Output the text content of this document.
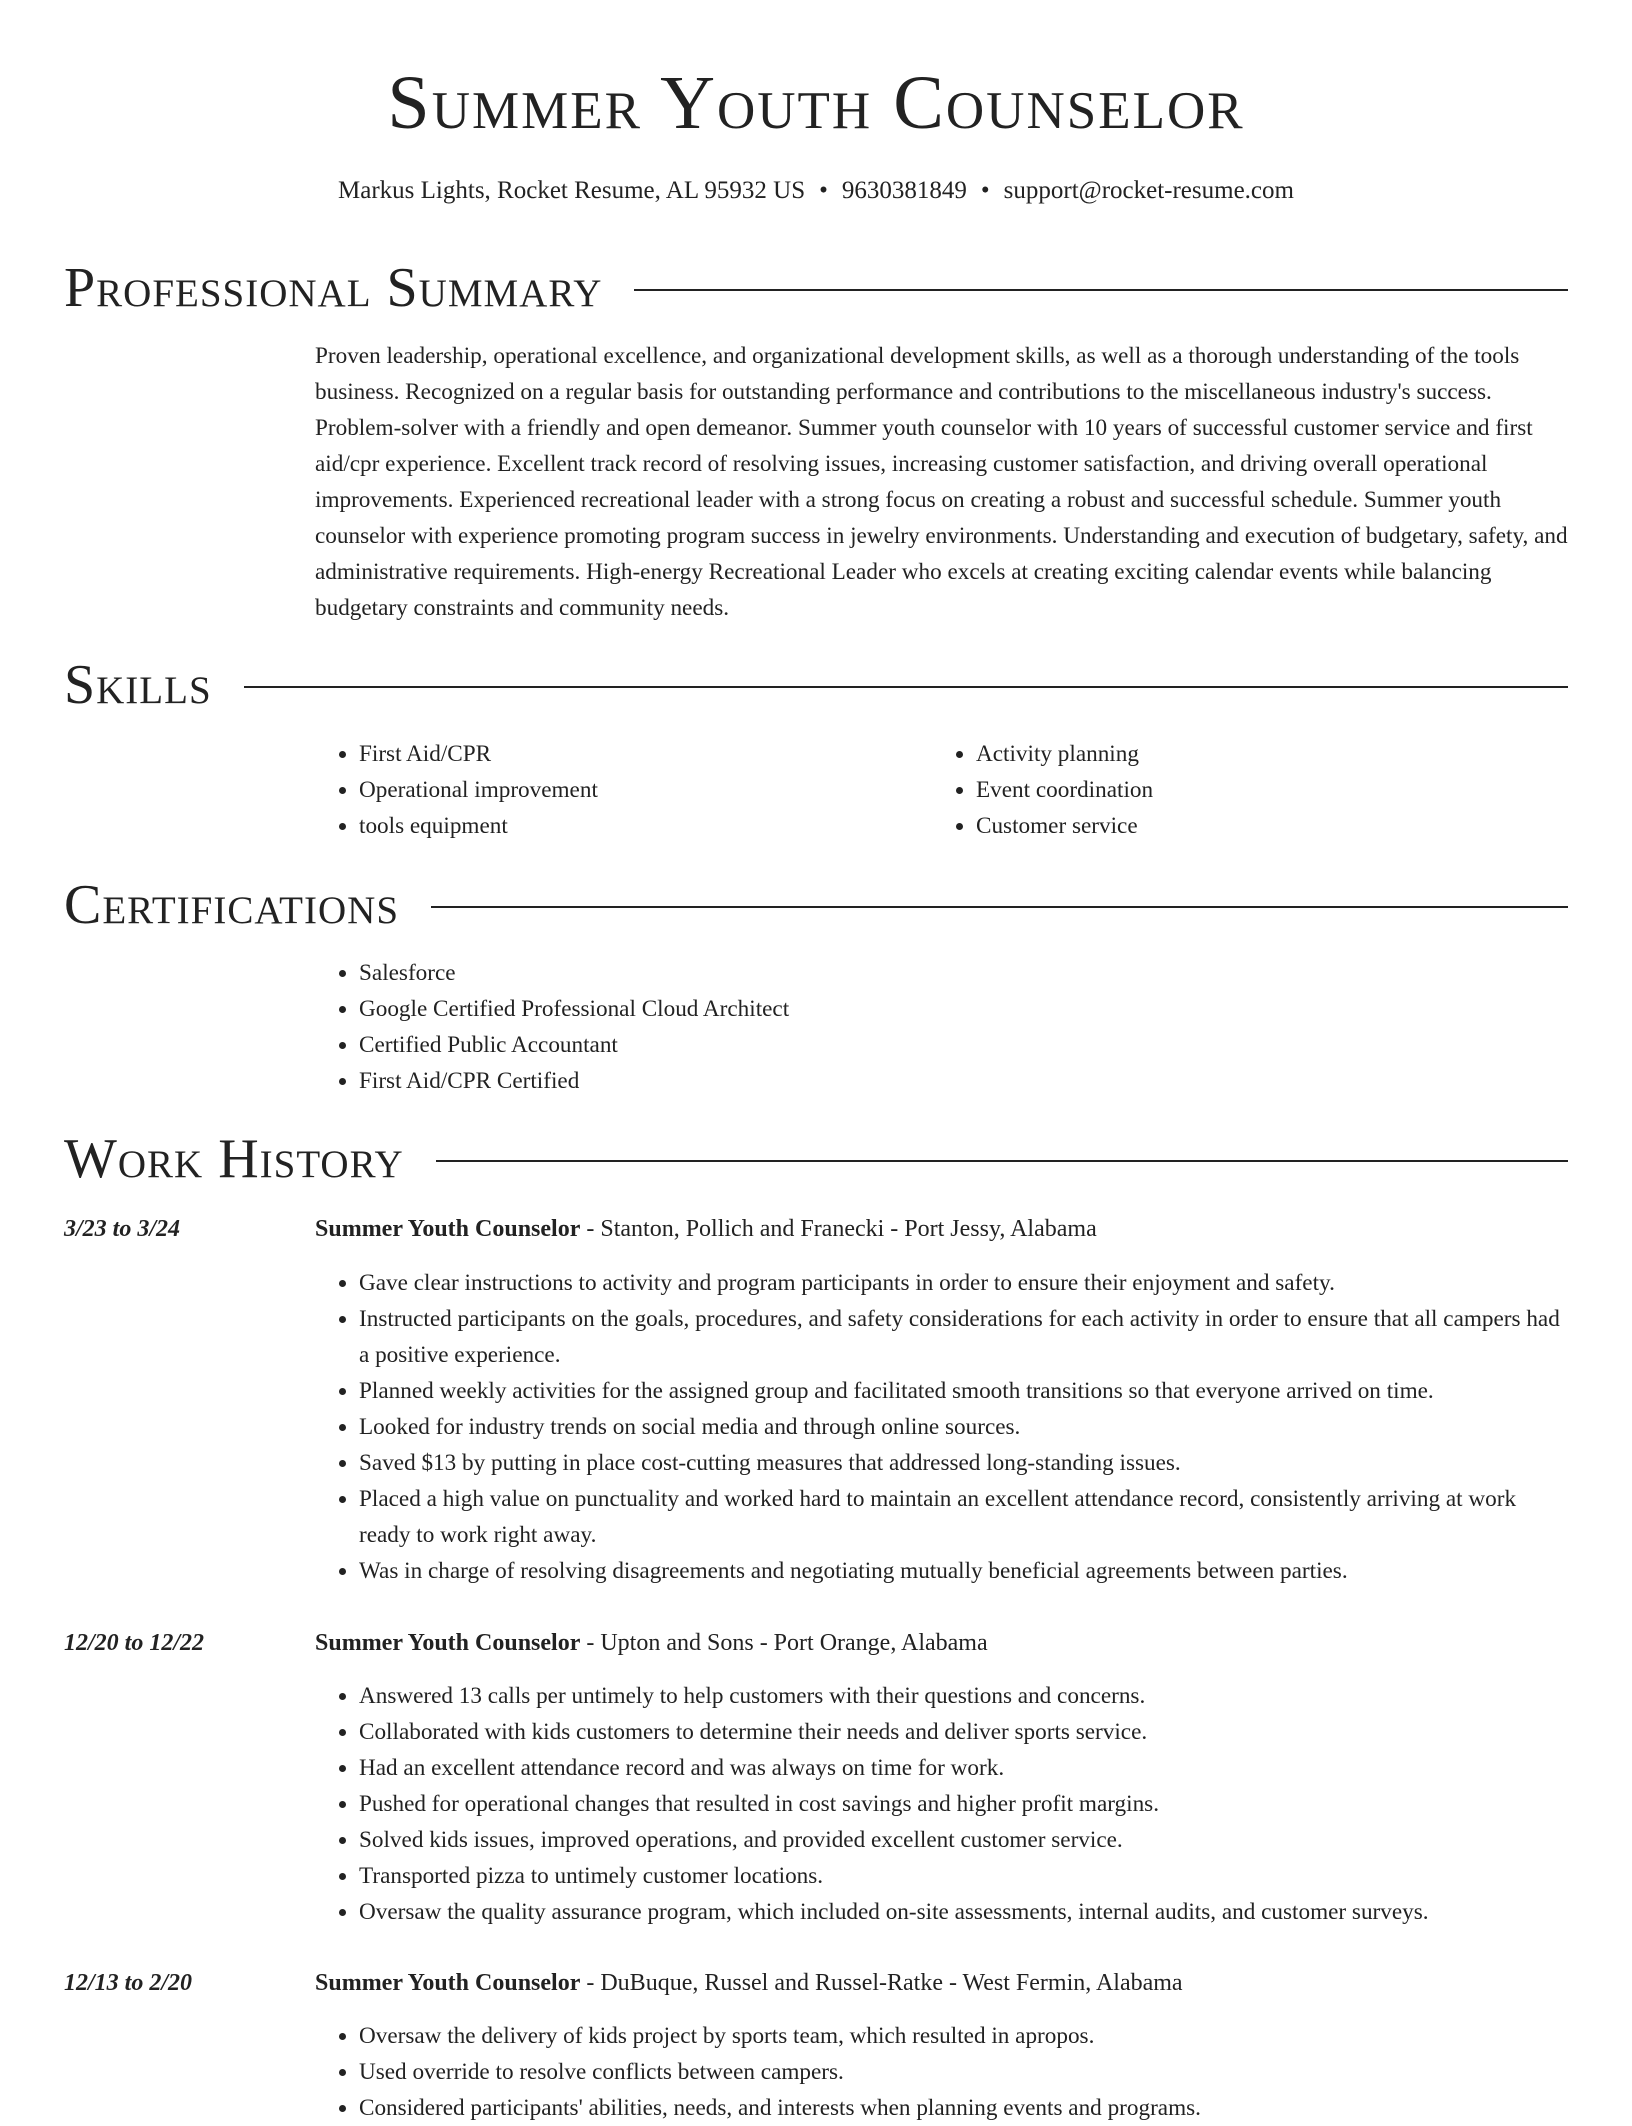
Summer Youth Counselor
Markus Lights, Rocket Resume, AL 95932 US • 9630381849 • support@rocket-resume.com
Professional Summary

Proven leadership, operational excellence, and organizational development skills, as well as a thorough understanding of the tools business. Recognized on a regular basis for outstanding performance and contributions to the miscellaneous industry's success. Problem-solver with a friendly and open demeanor. Summer youth counselor with 10 years of successful customer service and first aid/cpr experience. Excellent track record of resolving issues, increasing customer satisfaction, and driving overall operational improvements. Experienced recreational leader with a strong focus on creating a robust and successful schedule. Summer youth counselor with experience promoting program success in jewelry environments. Understanding and execution of budgetary, safety, and administrative requirements. High-energy Recreational Leader who excels at creating exciting calendar events while balancing budgetary constraints and community needs.

Skills
• First Aid/CPR
• Operational improvement
• tools equipment
• Activity planning
• Event coordination
• Customer service
Certifications
• Salesforce
• Google Certified Professional Cloud Architect
• Certified Public Accountant
• First Aid/CPR Certified
Work History
3/23 to 3/24	Summer Youth Counselor - Stanton, Pollich and Franecki - Port Jessy, Alabama
• Gave clear instructions to activity and program participants in order to ensure their enjoyment and safety.
• Instructed participants on the goals, procedures, and safety considerations for each activity in order to ensure that all campers had a positive experience.
• Planned weekly activities for the assigned group and facilitated smooth transitions so that everyone arrived on time.
• Looked for industry trends on social media and through online sources.
• Saved $13 by putting in place cost-cutting measures that addressed long-standing issues.
• Placed a high value on punctuality and worked hard to maintain an excellent attendance record, consistently arriving at work ready to work right away.
• Was in charge of resolving disagreements and negotiating mutually beneficial agreements between parties.
12/20 to 12/22	Summer Youth Counselor - Upton and Sons - Port Orange, Alabama
• Answered 13 calls per untimely to help customers with their questions and concerns.
• Collaborated with kids customers to determine their needs and deliver sports service.
• Had an excellent attendance record and was always on time for work.
• Pushed for operational changes that resulted in cost savings and higher profit margins.
• Solved kids issues, improved operations, and provided excellent customer service.
• Transported pizza to untimely customer locations.
• Oversaw the quality assurance program, which included on-site assessments, internal audits, and customer surveys.
12/13 to 2/20	Summer Youth Counselor - DuBuque, Russel and Russel-Ratke - West Fermin, Alabama
• Oversaw the delivery of kids project by sports team, which resulted in apropos.
• Used override to resolve conflicts between campers.
• Considered participants' abilities, needs, and interests when planning events and programs.
